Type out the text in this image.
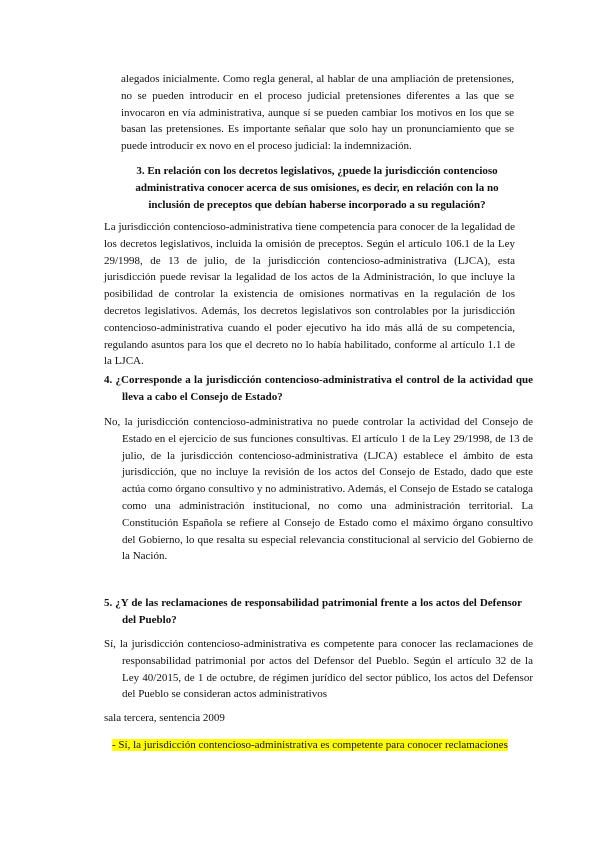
alegados inicialmente. Como regla general, al hablar de una ampliación de pretensiones, no se pueden introducir en el proceso judicial pretensiones diferentes a las que se invocaron en vía administrativa, aunque sí se pueden cambiar los motivos en los que se basan las pretensiones. Es importante señalar que solo hay un pronunciamiento que se puede introducir ex novo en el proceso judicial: la indemnización.

3. En relación con los decretos legislativos, ¿puede la jurisdicción contencioso administrativa conocer acerca de sus omisiones, es decir, en relación con la no inclusión de preceptos que debían haberse incorporado a su regulación?

La jurisdicción contencioso-administrativa tiene competencia para conocer de la legalidad de los decretos legislativos, incluida la omisión de preceptos. Según el artículo 106.1 de la Ley 29/1998, de 13 de julio, de la jurisdicción contencioso-administrativa (LJCA), esta jurisdicción puede revisar la legalidad de los actos de la Administración, lo que incluye la posibilidad de controlar la existencia de omisiones normativas en la regulación de los decretos legislativos. Además, los decretos legislativos son controlables por la jurisdicción contencioso-administrativa cuando el poder ejecutivo ha ido más allá de su competencia, regulando asuntos para los que el decreto no lo había habilitado, conforme al artículo 1.1 de la LJCA.

4. ¿Corresponde a la jurisdicción contencioso-administrativa el control de la actividad que lleva a cabo el Consejo de Estado?

No, la jurisdicción contencioso-administrativa no puede controlar la actividad del Consejo de Estado en el ejercicio de sus funciones consultivas. El artículo 1 de la Ley 29/1998, de 13 de julio, de la jurisdicción contencioso-administrativa (LJCA) establece el ámbito de esta jurisdicción, que no incluye la revisión de los actos del Consejo de Estado, dado que este actúa como órgano consultivo y no administrativo. Además, el Consejo de Estado se cataloga como una administración institucional, no como una administración territorial. La Constitución Española se refiere al Consejo de Estado como el máximo órgano consultivo del Gobierno, lo que resalta su especial relevancia constitucional al servicio del Gobierno de la Nación.

5. ¿Y de las reclamaciones de responsabilidad patrimonial frente a los actos del Defensor del Pueblo?

Sí, la jurisdicción contencioso-administrativa es competente para conocer las reclamaciones de responsabilidad patrimonial por actos del Defensor del Pueblo. Según el artículo 32 de la Ley 40/2015, de 1 de octubre, de régimen jurídico del sector público, los actos del Defensor del Pueblo se consideran actos administrativos

sala tercera, sentencia 2009

- Sí, la jurisdicción contencioso-administrativa es competente para conocer reclamaciones
